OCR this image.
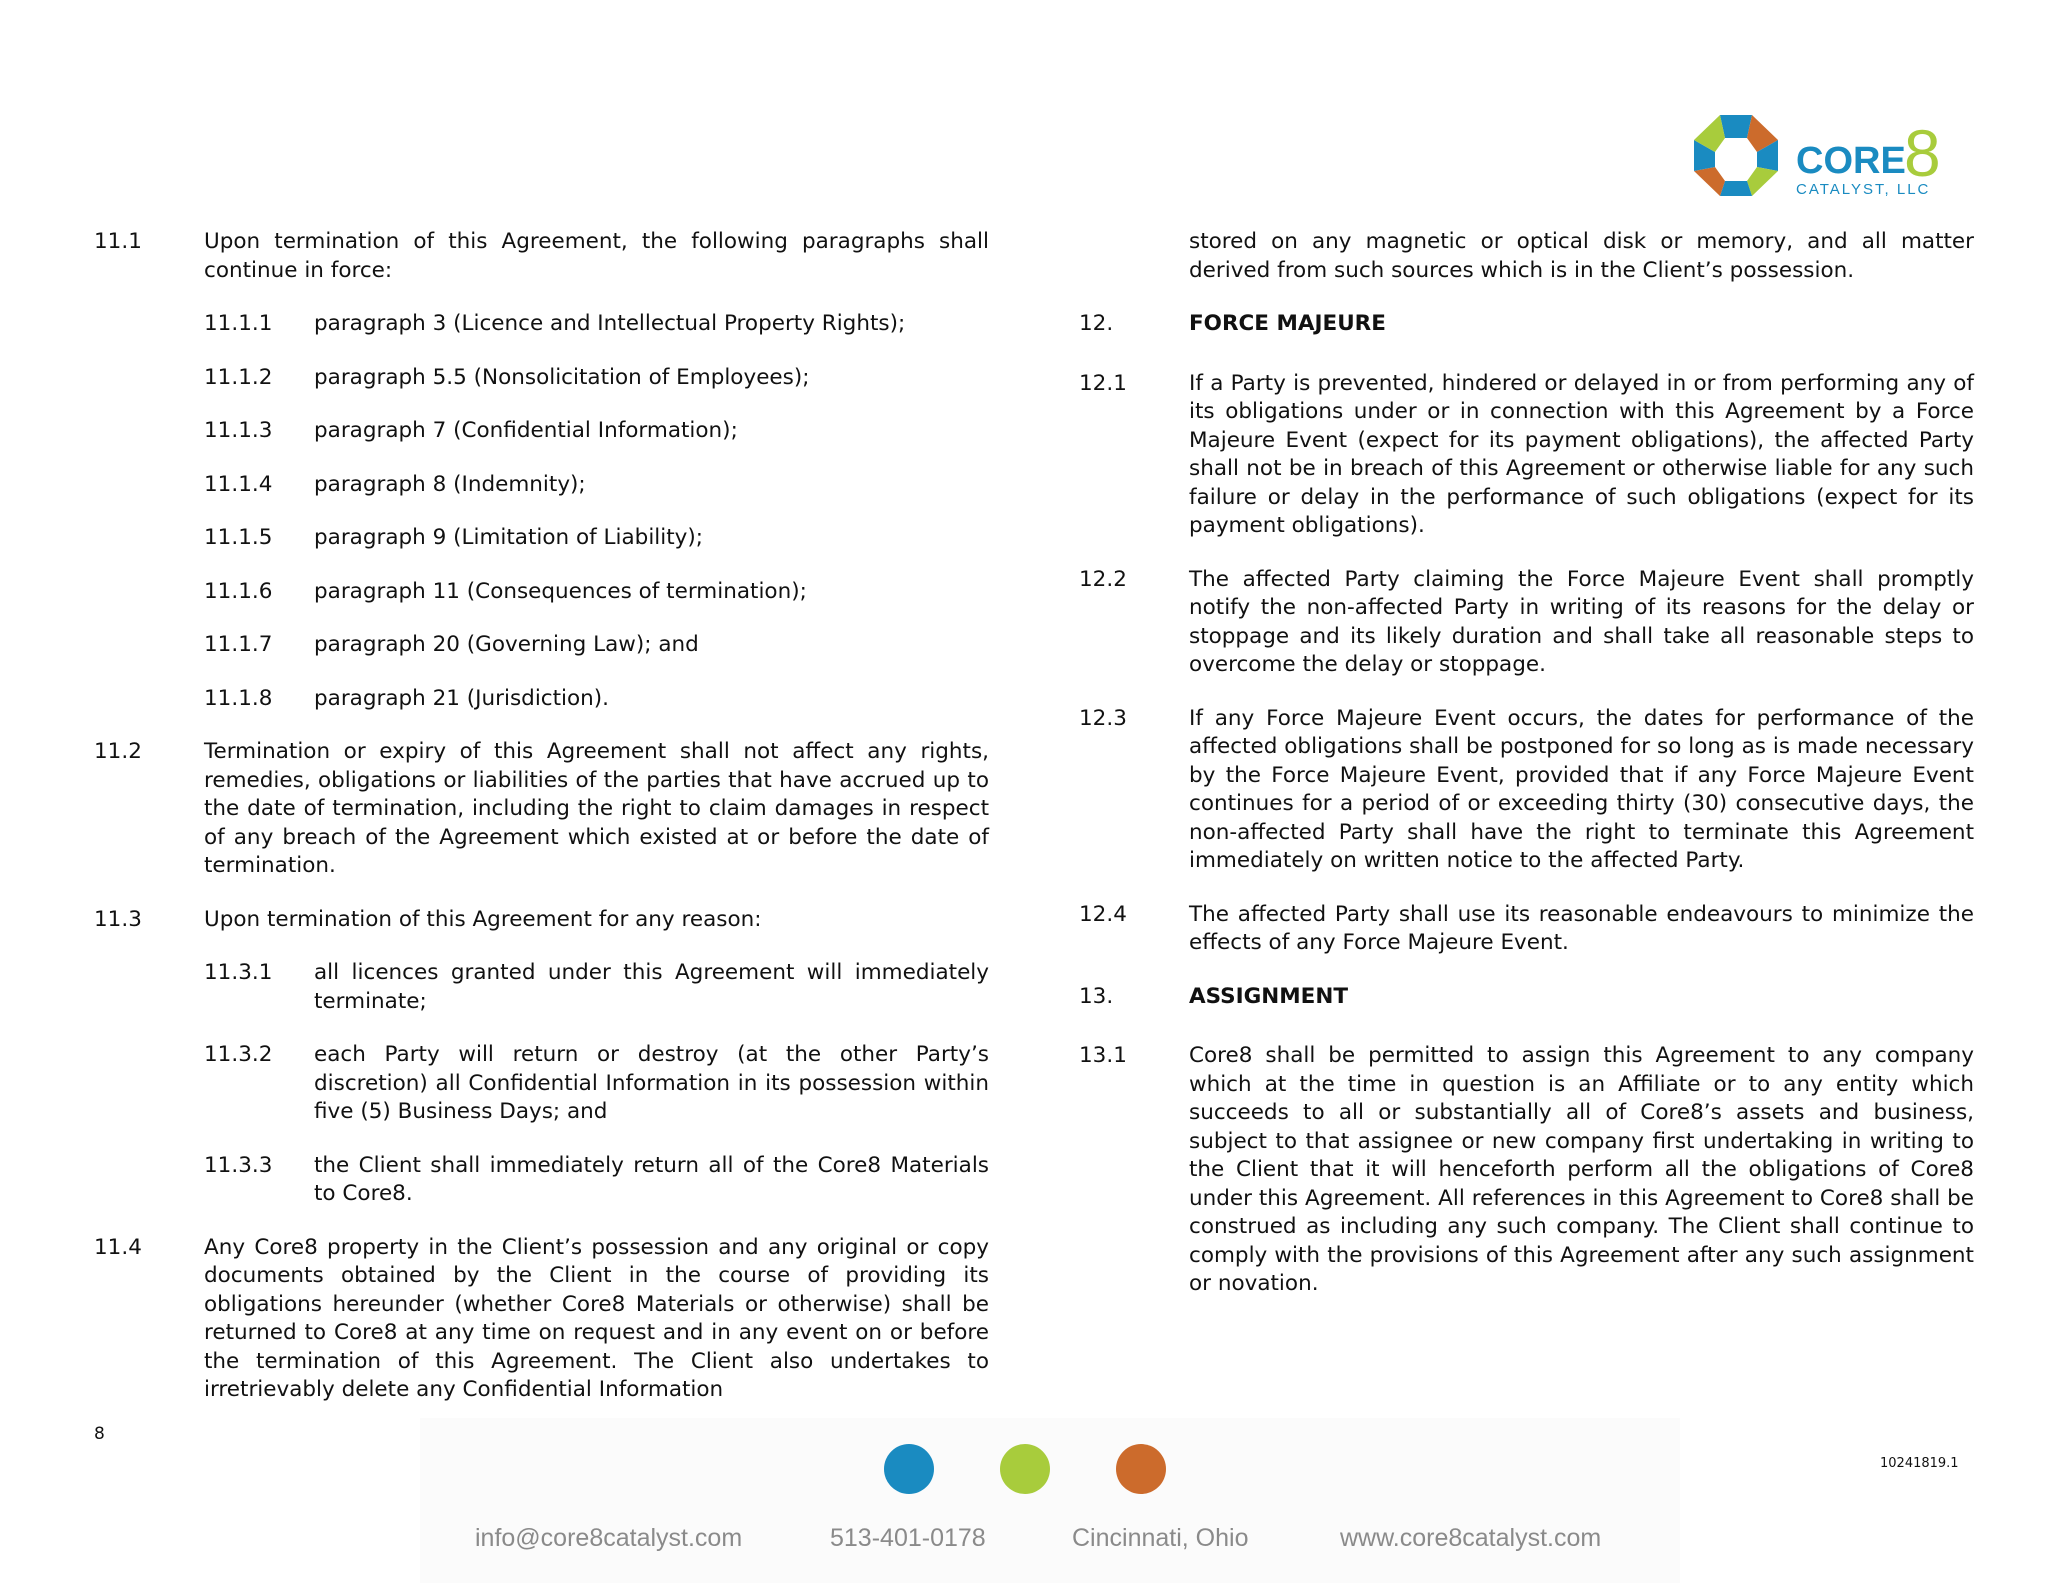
CORE
8
CATALYST, LLC
11.1	Upon termination of this Agreement, the following paragraphs shall continue in force:
11.1.1	paragraph 3 (Licence and Intellectual Property Rights);
11.1.2	paragraph 5.5 (Nonsolicitation of Employees);
11.1.3	paragraph 7 (Confidential Information);
11.1.4	paragraph 8 (Indemnity);
11.1.5	paragraph 9 (Limitation of Liability);
11.1.6	paragraph 11 (Consequences of termination);
11.1.7	paragraph 20 (Governing Law); and
11.1.8	paragraph 21 (Jurisdiction).
11.2	Termination or expiry of this Agreement shall not affect any rights, remedies, obligations or liabilities of the parties that have accrued up to the date of termination, including the right to claim damages in respect of any breach of the Agreement which existed at or before the date of termination.
11.3	Upon termination of this Agreement for any reason:
11.3.1	all licences granted under this Agreement will immediately terminate;
11.3.2	each Party will return or destroy (at the other Party’s discretion) all Confidential Information in its possession within five (5) Business Days; and
11.3.3	the Client shall immediately return all of the Core8 Materials to Core8.
11.4	Any Core8 property in the Client’s possession and any original or copy documents obtained by the Client in the course of providing its obligations hereunder (whether Core8 Materials or otherwise) shall be returned to Core8 at any time on request and in any event on or before the termination of this Agreement. The Client also undertakes to irretrievably delete any Confidential Information
stored on any magnetic or optical disk or memory, and all matter derived from such sources which is in the Client’s possession.
12.	FORCE MAJEURE
12.1	If a Party is prevented, hindered or delayed in or from performing any of its obligations under or in connection with this Agreement by a Force Majeure Event (expect for its payment obligations), the affected Party shall not be in breach of this Agreement or otherwise liable for any such failure or delay in the performance of such obligations (expect for its payment obligations).
12.2	The affected Party claiming the Force Majeure Event shall promptly notify the non-affected Party in writing of its reasons for the delay or stoppage and its likely duration and shall take all reasonable steps to overcome the delay or stoppage.
12.3	If any Force Majeure Event occurs, the dates for performance of the affected obligations shall be postponed for so long as is made necessary by the Force Majeure Event, provided that if any Force Majeure Event continues for a period of or exceeding thirty (30) consecutive days, the non-affected Party shall have the right to terminate this Agreement immediately on written notice to the affected Party.
12.4	The affected Party shall use its reasonable endeavours to minimize the effects of any Force Majeure Event.
13.	ASSIGNMENT
13.1	Core8 shall be permitted to assign this Agreement to any company which at the time in question is an Affiliate or to any entity which succeeds to all or substantially all of Core8’s assets and business, subject to that assignee or new company first undertaking in writing to the Client that it will henceforth perform all the obligations of Core8 under this Agreement. All references in this Agreement to Core8 shall be construed as including any such company. The Client shall continue to comply with the provisions of this Agreement after any such assignment or novation.
8
10241819.1
info@core8catalyst.com	513-401-0178	Cincinnati, Ohio	www.core8catalyst.com
